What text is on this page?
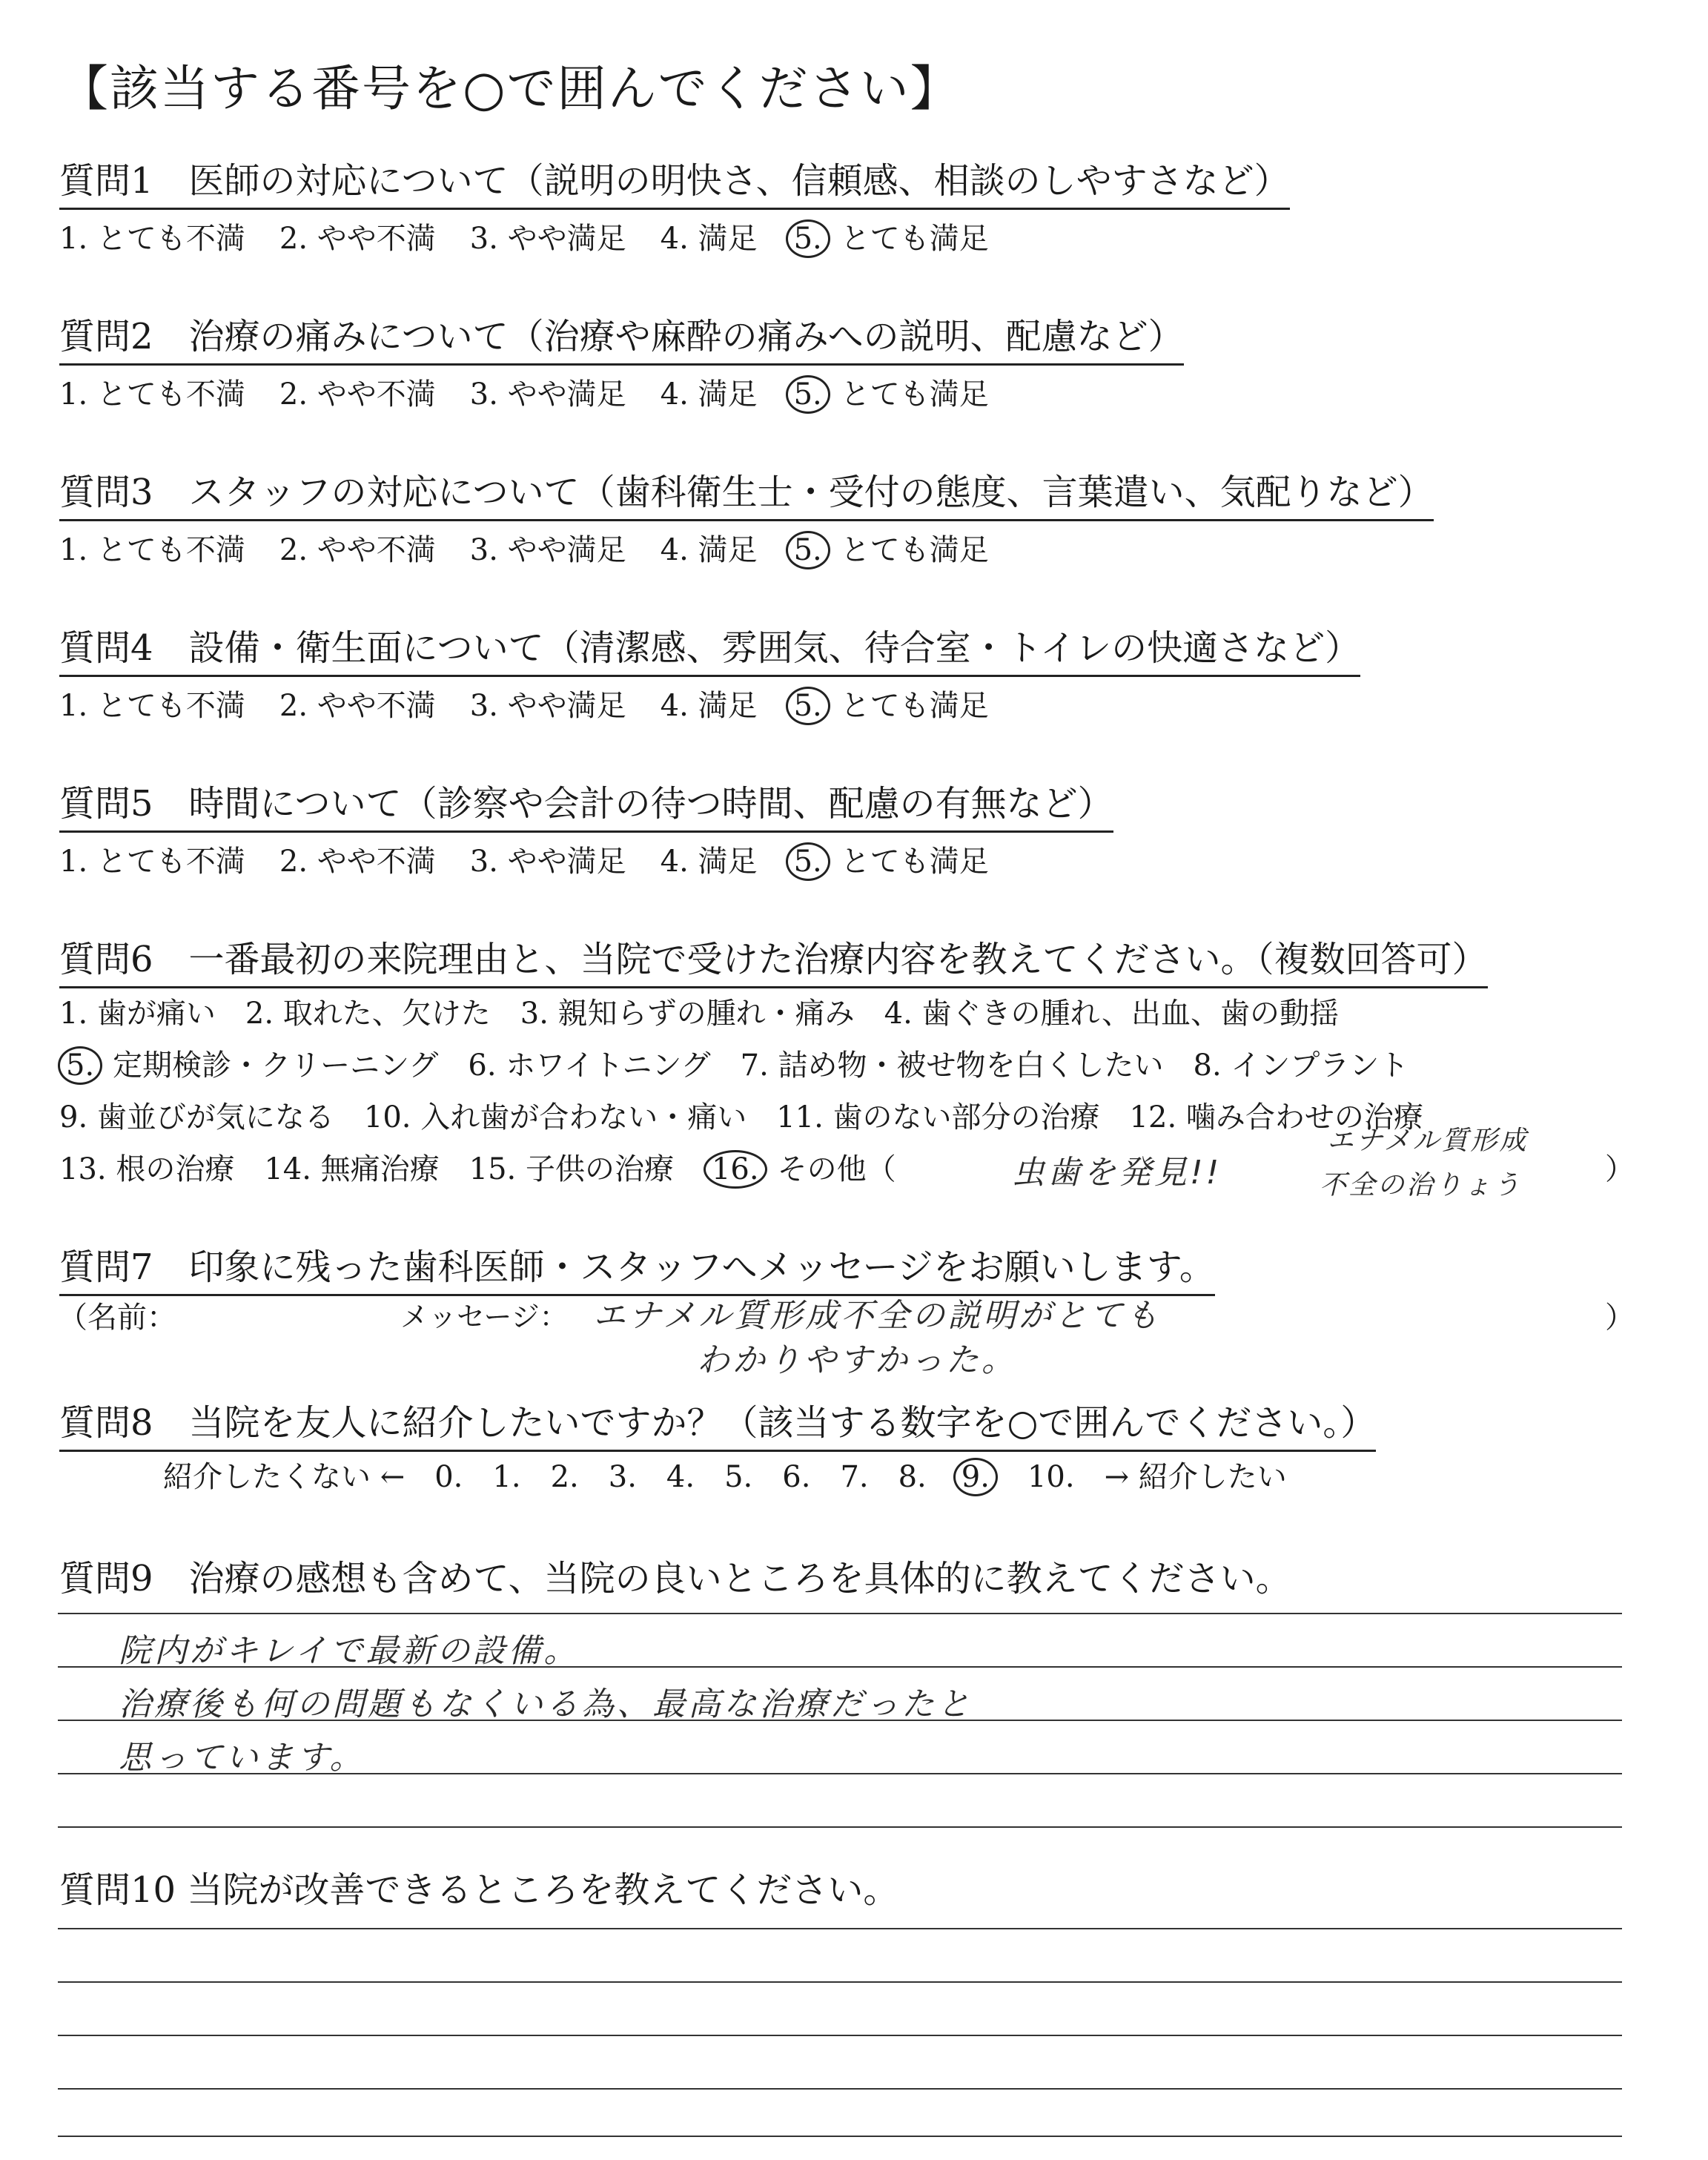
【該当する番号を○で囲んでください】
質問1　医師の対応について（説明の明快さ、信頼感、相談のしやすさなど）
1. とても不満 2. やや不満 3. やや満足 4. 満足 5. とても満足
質問2　治療の痛みについて（治療や麻酔の痛みへの説明、配慮など）
1. とても不満 2. やや不満 3. やや満足 4. 満足 5. とても満足
質問3　スタッフの対応について（歯科衛生士・受付の態度、言葉遣い、気配りなど）
1. とても不満 2. やや不満 3. やや満足 4. 満足 5. とても満足
質問4　設備・衛生面について（清潔感、雰囲気、待合室・トイレの快適さなど）
1. とても不満 2. やや不満 3. やや満足 4. 満足 5. とても満足
質問5　時間について（診察や会計の待つ時間、配慮の有無など）
1. とても不満 2. やや不満 3. やや満足 4. 満足 5. とても満足
質問6　一番最初の来院理由と、当院で受けた治療内容を教えてください。（複数回答可）
1. 歯が痛い 2. 取れた、欠けた 3. 親知らずの腫れ・痛み 4. 歯ぐきの腫れ、出血、歯の動揺
5. 定期検診・クリーニング 6. ホワイトニング 7. 詰め物・被せ物を白くしたい 8. インプラント
9. 歯並びが気になる 10. 入れ歯が合わない・痛い 11. 歯のない部分の治療 12. 噛み合わせの治療
13. 根の治療 14. 無痛治療 15. 子供の治療 16. その他（	虫歯を発見!!
エナメル質形成
不全の治りょう	）
質問7　印象に残った歯科医師・スタッフへメッセージをお願いします。
（名前：	メッセージ： エナメル質形成不全の説明がとても
わかりやすかった。
）
質問8　当院を友人に紹介したいですか？（該当する数字を○で囲んでください。）
紹介したくない ← 0. 1. 2. 3. 4. 5. 6. 7. 8. 9. 10. → 紹介したい
質問9　治療の感想も含めて、当院の良いところを具体的に教えてください。
院内がキレイで最新の設備。
治療後も何の問題もなくいる為、最高な治療だったと
思っています。
質問10 当院が改善できるところを教えてください。
